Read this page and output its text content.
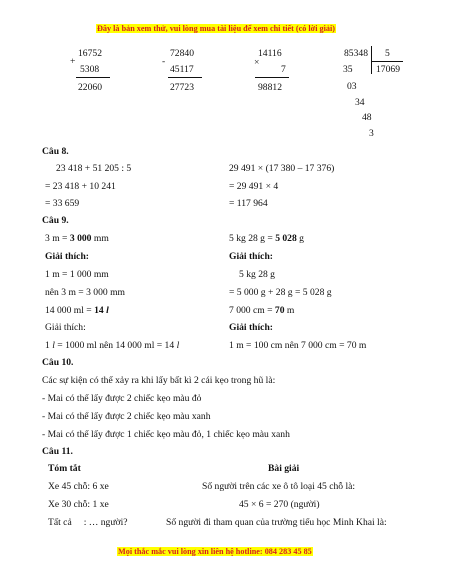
Đây là bản xem thử, vui lòng mua tài liệu để xem chi tiết (có lời giải)
16752
+
5308
22060
72840
-
45117
27723
14116
×
7
98812
85348 5
17069
35
03
34
48
3
Câu 8.
23 418 + 51 205 : 5
= 23 418 + 10 241
= 33 659
29 491 × (17 380 – 17 376)
= 29 491 × 4
= 117 964
Câu 9.
3 m = 3 000 mm
Giải thích:
1 m = 1 000 mm
nên 3 m = 3 000 mm
14 000 ml = 14 l
Giải thích:
1 l = 1000 ml nên 14 000 ml = 14 l
5 kg 28 g = 5 028 g
Giải thích:
5 kg 28 g
= 5 000 g + 28 g = 5 028 g
7 000 cm = 70 m
Giải thích:
1 m = 100 cm nên 7 000 cm = 70 m
Câu 10.
Các sự kiện có thể xảy ra khi lấy bất kì 2 cái kẹo trong hũ là:
- Mai có thể lấy được 2 chiếc kẹo màu đỏ
- Mai có thể lấy được 2 chiếc kẹo màu xanh
- Mai có thể lấy được 1 chiếc kẹo màu đỏ, 1 chiếc kẹo màu xanh
Câu 11.
Tóm tắt	Bài giải
Xe 45 chỗ: 6 xe
Xe 30 chỗ: 1 xe
Tất cả     : … người?
Số người trên các xe ô tô loại 45 chỗ là:
45 × 6 = 270 (người)
Số người đi tham quan của trường tiểu học Minh Khai là:
Mọi thắc mắc vui lòng xin liên hệ hotline: 084 283 45 85
